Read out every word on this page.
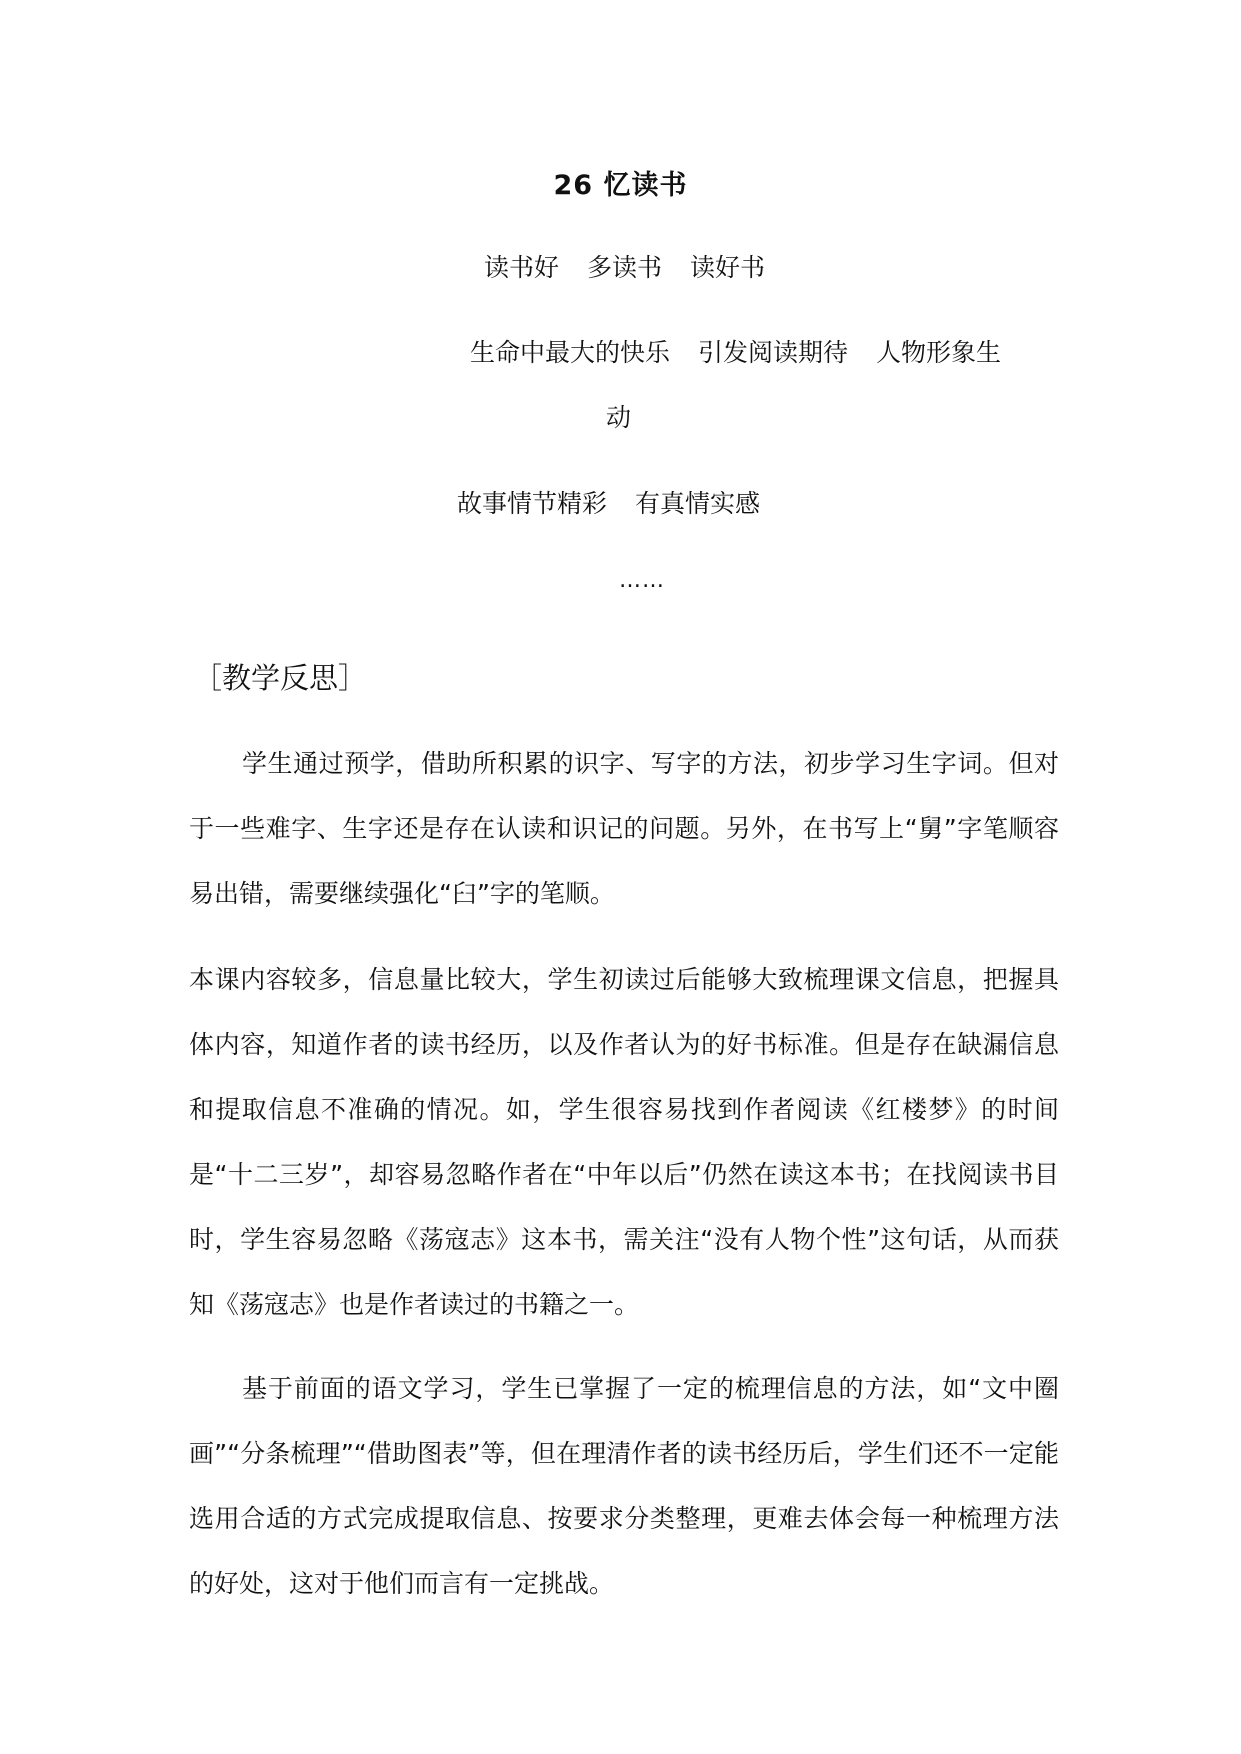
26 忆读书
读书好 多读书 读好书
生命中最大的快乐 引发阅读期待 人物形象生
动
故事情节精彩 有真情实感
……
［教学反思］

学生通过预学，借助所积累的识字、写字的方法，初步学习生字词。但对于一些难字、生字还是存在认读和识记的问题。另外，在书写上“舅”字笔顺容易出错，需要继续强化“臼”字的笔顺。

本课内容较多，信息量比较大，学生初读过后能够大致梳理课文信息，把握具体内容，知道作者的读书经历，以及作者认为的好书标准。但是存在缺漏信息和提取信息不准确的情况。如，学生很容易找到作者阅读《红楼梦》的时间是“十二三岁”，却容易忽略作者在“中年以后”仍然在读这本书；在找阅读书目时，学生容易忽略《荡寇志》这本书，需关注“没有人物个性”这句话，从而获知《荡寇志》也是作者读过的书籍之一。

基于前面的语文学习，学生已掌握了一定的梳理信息的方法，如“文中圈画”“分条梳理”“借助图表”等，但在理清作者的读书经历后，学生们还不一定能选用合适的方式完成提取信息、按要求分类整理，更难去体会每一种梳理方法的好处，这对于他们而言有一定挑战。
